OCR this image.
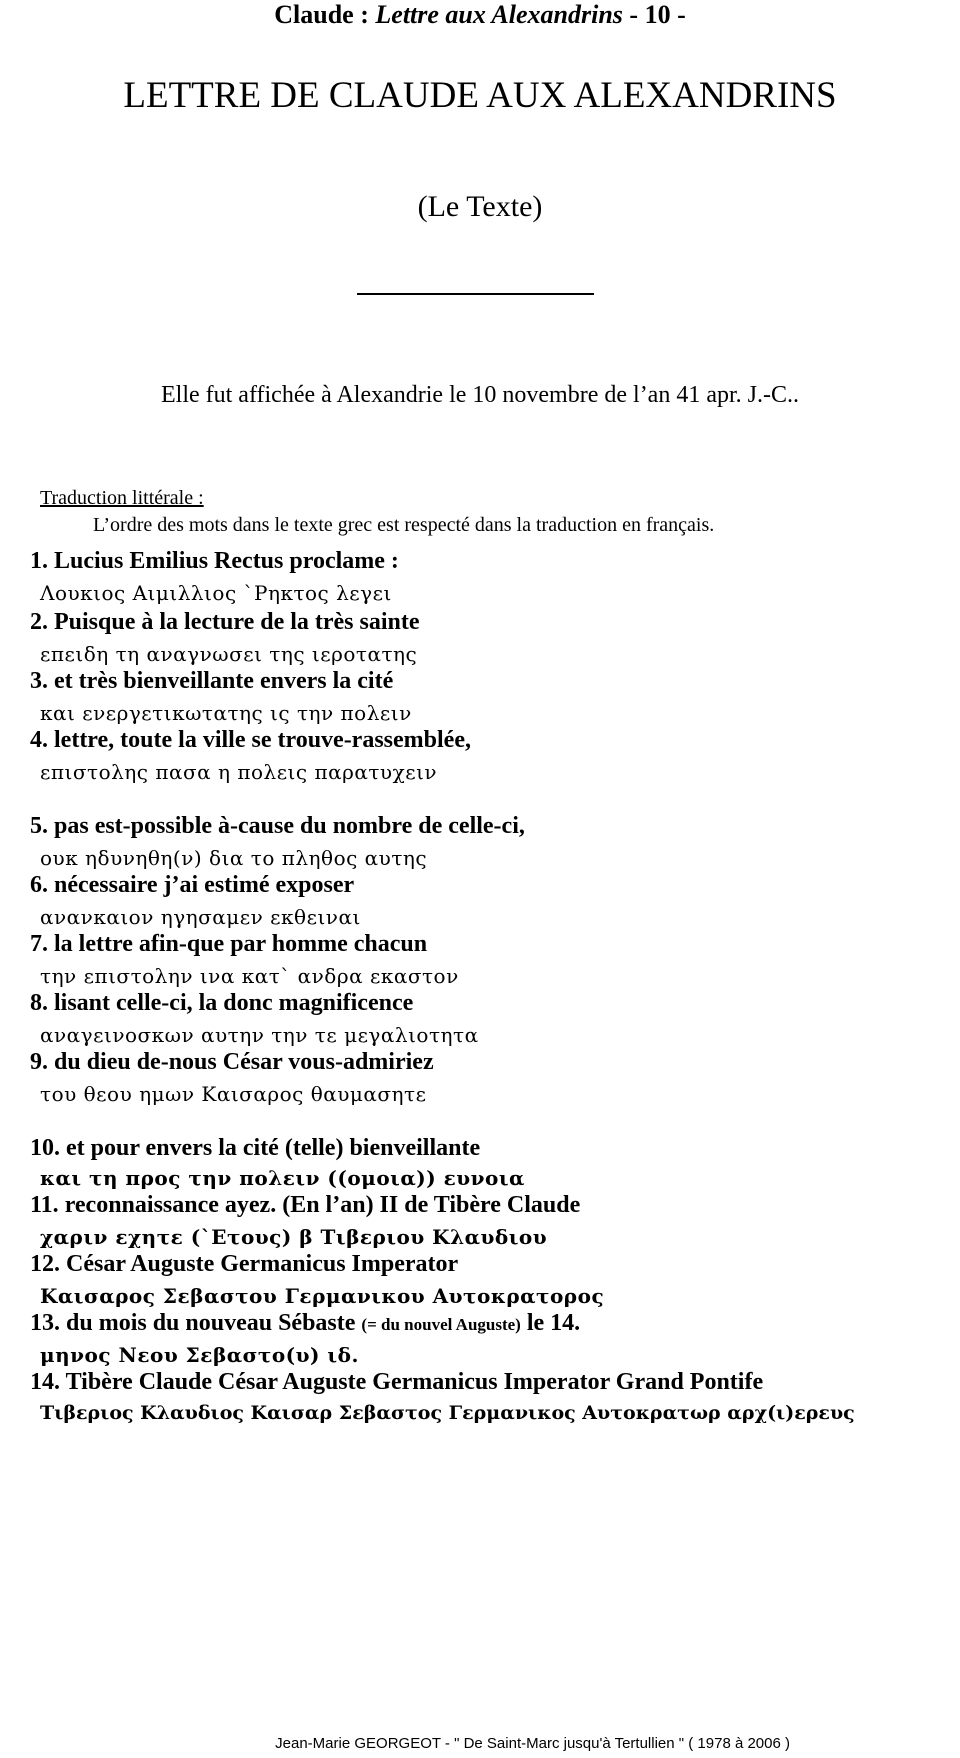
Claude : Lettre aux Alexandrins - 10 -
LETTRE DE CLAUDE AUX ALEXANDRINS
(Le Texte)
Elle fut affichée à Alexandrie le 10 novembre de l’an 41 apr. J.-C..
Traduction littérale :
L’ordre des mots dans le texte grec est respecté dans la traduction en français.
1. Lucius Emilius Rectus proclame :
Λουκιος Αιμιλλιος `Ρηκτος λεγει
2. Puisque à la lecture de la très sainte
επειδη τη αναγνωσει της ιεροτατης
3. et très bienveillante envers la cité
και ενεργετικωτατης ις την πολειν
4. lettre, toute la ville se trouve-rassemblée,
επιστολης πασα η πολεις παρατυχειν
5. pas est-possible à-cause du nombre de celle-ci,
ουκ ηδυνηθη(ν) δια το πληθος αυτης
6. nécessaire j’ai estimé exposer
ανανκαιον ηγησαμεν εκθειναι
7. la lettre afin-que par homme chacun
την επιστολην ινα κατ` ανδρα εκαστον
8. lisant celle-ci, la donc magnificence
αναγεινοσκων αυτην την τε μεγαλιοτητα
9. du dieu de-nous César vous-admiriez
του θεου ημων Καισαρος θαυμασητε
10. et pour envers la cité (telle) bienveillante
και τη προς την πολειν ((ομοια)) ευνοια
11. reconnaissance ayez. (En l’an) II de Tibère Claude
χαριν εχητε (`Ετους) β Τιβεριου Κλαυδιου
12. César Auguste Germanicus Imperator
Καισαρος Σεβαστου Γερμανικου Αυτοκρατορος
13. du mois du nouveau Sébaste (= du nouvel Auguste) le 14.
μηνος Νεου Σεβαστο(υ) ιδ.
14. Tibère Claude César Auguste Germanicus Imperator Grand Pontife
Τιβεριος Κλαυδιος Καισαρ Σεβαστος Γερμανικος Αυτοκρατωρ αρχ(ι)ερευς
Jean-Marie GEORGEOT - " De Saint-Marc jusqu'à Tertullien " ( 1978 à 2006 )
